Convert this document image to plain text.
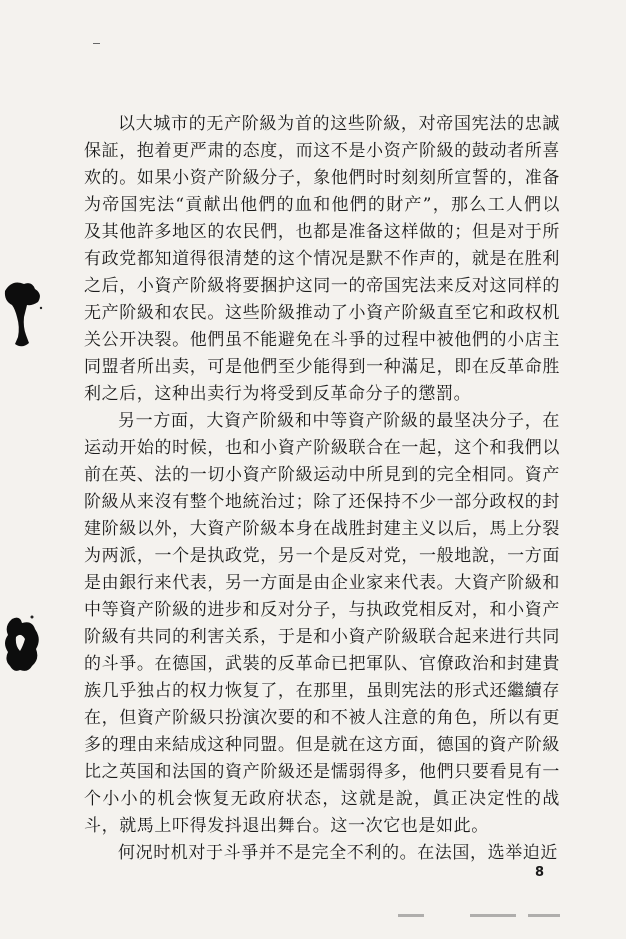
以大城市的无产阶級为首的这些阶級，对帝国宪法的忠誠保証，抱着更严肃的态度，而这不是小资产阶級的鼓动者所喜欢的。如果小资产阶級分子，象他們时时刻刻所宣誓的，准备为帝国宪法“貢献出他們的血和他們的財产”，那么工人們以及其他許多地区的农民們，也都是准备这样做的；但是对于所有政党都知道得很清楚的这个情况是默不作声的，就是在胜利之后，小資产阶級将要捆护这同一的帝国宪法来反对这同样的无产阶級和农民。这些阶級推动了小資产阶級直至它和政权机关公开决裂。他們虽不能避免在斗爭的过程中被他們的小店主同盟者所出卖，可是他們至少能得到一种滿足，即在反革命胜利之后，这种出卖行为将受到反革命分子的懲罰。

另一方面，大資产阶級和中等資产阶級的最坚决分子，在运动开始的时候，也和小資产阶級联合在一起，这个和我們以前在英、法的一切小資产阶級运动中所見到的完全相同。資产阶級从来沒有整个地統治过；除了还保持不少一部分政权的封建阶級以外，大資产阶級本身在战胜封建主义以后，馬上分裂为两派，一个是执政党，另一个是反对党，一般地說，一方面是由銀行来代表，另一方面是由企业家来代表。大資产阶級和中等資产阶級的进步和反对分子，与执政党相反对，和小資产阶級有共同的利害关系，于是和小資产阶級联合起来进行共同的斗爭。在德国，武裝的反革命已把軍队、官僚政治和封建貴族几乎独占的权力恢复了，在那里，虽則宪法的形式还繼續存在，但資产阶級只扮演次要的和不被人注意的角色，所以有更多的理由来結成这种同盟。但是就在这方面，德国的資产阶級比之英国和法国的資产阶級还是懦弱得多，他們只要看見有一个小小的机会恢复无政府状态，这就是說，眞正决定性的战斗，就馬上吓得发抖退出舞台。这一次它也是如此。

何况时机对于斗爭并不是完全不利的。在法国，选举迫近

8
